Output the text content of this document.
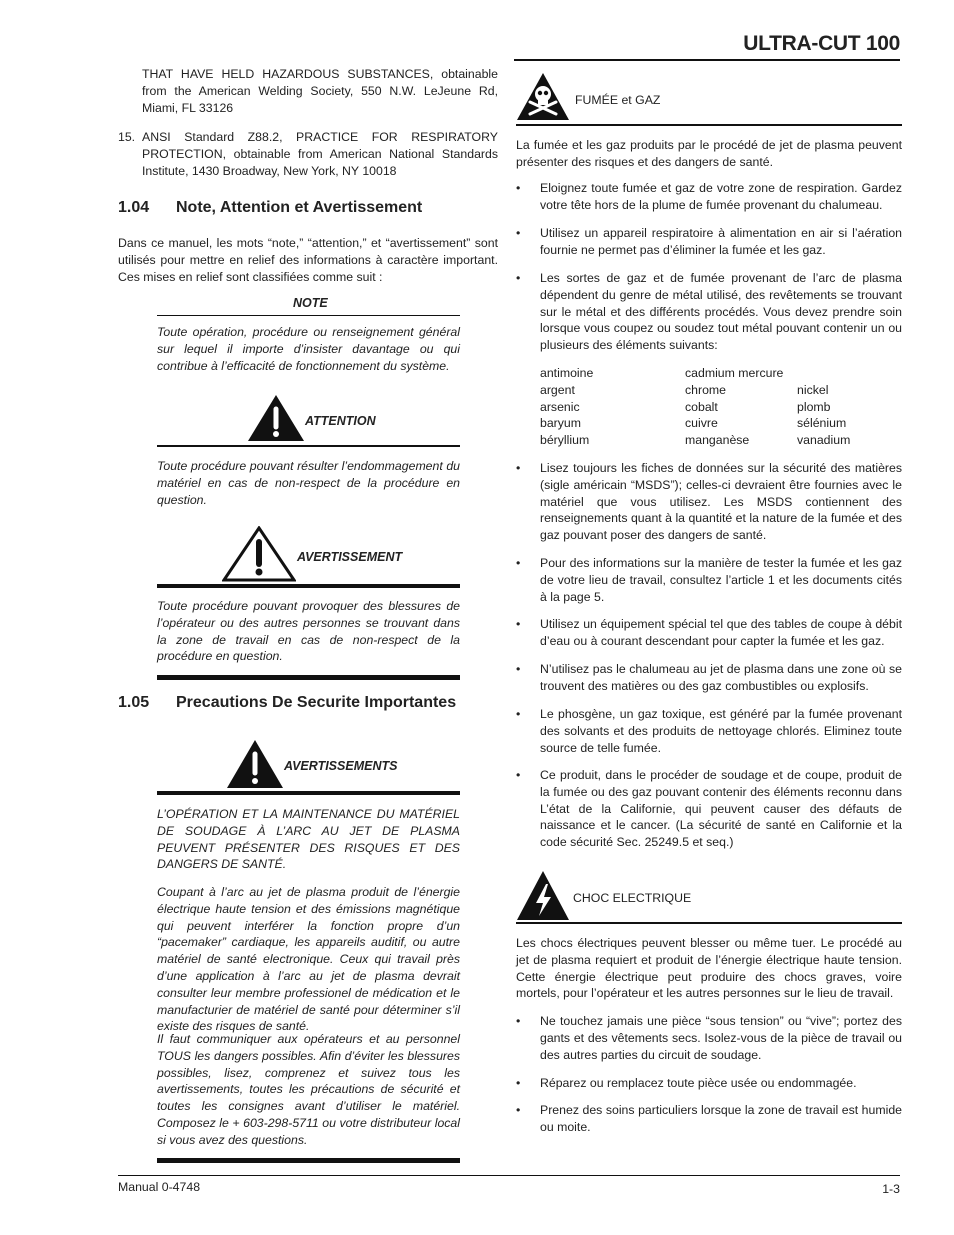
ULTRA-CUT 100
THAT HAVE HELD HAZARDOUS SUBSTANCES, obtainable from the American Welding Society, 550 N.W. LeJeune Rd, Miami, FL 33126
15. ANSI Standard Z88.2, PRACTICE FOR RESPIRATORY PROTECTION, obtainable from American National Standards Institute, 1430 Broadway, New York, NY 10018
1.04 Note, Attention et Avertissement
Dans ce manuel, les mots “note,” “attention,” et “avertissement” sont utilisés pour mettre en relief des informations à caractère important. Ces mises en relief sont classifiées comme suit :
NOTE
Toute opération, procédure ou renseignement général sur lequel il importe d’insister davantage ou qui contribue à l’efficacité de fonctionnement du système.
ATTENTION
Toute procédure pouvant résulter l’endommagement du matériel en cas de non-respect de la procédure en question.
AVERTISSEMENT
Toute procédure pouvant provoquer des blessures de l’opérateur ou des autres personnes se trouvant dans la zone de travail en cas de non-respect de la procédure en question.
1.05 Precautions De Securite Importantes
AVERTISSEMENTS
L’OPÉRATION ET LA MAINTENANCE DU MATÉRIEL DE SOUDAGE À L’ARC AU JET DE PLASMA PEUVENT PRÉSENTER DES RISQUES ET DES DANGERS DE SANTÉ.
Coupant à l’arc au jet de plasma produit de l’énergie électrique haute tension et des émissions magnétique qui peuvent interférer la fonction propre d’un “pacemaker” cardiaque, les appareils auditif, ou autre matériel de santé electronique. Ceux qui travail près d’une application à l’arc au jet de plasma devrait consulter leur membre professionel de médication et le manufacturier de matériel de santé pour déterminer s’il existe des risques de santé.
Il faut communiquer aux opérateurs et au personnel TOUS les dangers possibles. Afin d’éviter les blessures possibles, lisez, comprenez et suivez tous les avertissements, toutes les précautions de sécurité et toutes les consignes avant d’utiliser le matériel. Composez le + 603-298-5711 ou votre distributeur local si vous avez des questions.
FUMÉE et GAZ
La fumée et les gaz produits par le procédé de jet de plasma peuvent présenter des risques et des dangers de santé.
• Eloignez toute fumée et gaz de votre zone de respiration. Gardez votre tête hors de la plume de fumée provenant du chalumeau.
• Utilisez un appareil respiratoire à alimentation en air si l’aération fournie ne permet pas d’éliminer la fumée et les gaz.
• Les sortes de gaz et de fumée provenant de l’arc de plasma dépendent du genre de métal utilisé, des revêtements se trouvant sur le métal et des différents procédés. Vous devez prendre soin lorsque vous coupez ou soudez tout métal pouvant contenir un ou plusieurs des éléments suivants:
antimoine
argent
arsenic
baryum
béryllium
cadmium mercure
chrome
cobalt
cuivre
manganèse
nickel
plomb
sélénium
vanadium
• Lisez toujours les fiches de données sur la sécurité des matières (sigle américain “MSDS”); celles-ci devraient être fournies avec le matériel que vous utilisez. Les MSDS contiennent des renseignements quant à la quantité et la nature de la fumée et des gaz pouvant poser des dangers de santé.
• Pour des informations sur la manière de tester la fumée et les gaz de votre lieu de travail, consultez l’article 1 et les documents cités à la page 5.
• Utilisez un équipement spécial tel que des tables de coupe à débit d’eau ou à courant descendant pour capter la fumée et les gaz.
• N’utilisez pas le chalumeau au jet de plasma dans une zone où se trouvent des matières ou des gaz combustibles ou explosifs.
• Le phosgène, un gaz toxique, est généré par la fumée provenant des solvants et des produits de nettoyage chlorés. Eliminez toute source de telle fumée.
• Ce produit, dans le procéder de soudage et de coupe, produit de la fumée ou des gaz pouvant contenir des éléments reconnu dans L’état de la Californie, qui peuvent causer des défauts de naissance et le cancer. (La sécurité de santé en Californie et la code sécurité Sec. 25249.5 et seq.)
CHOC ELECTRIQUE
Les chocs électriques peuvent blesser ou même tuer. Le procédé au jet de plasma requiert et produit de l’énergie électrique haute tension. Cette énergie électrique peut produire des chocs graves, voire mortels, pour l’opérateur et les autres personnes sur le lieu de travail.
• Ne touchez jamais une pièce “sous tension” ou “vive”; portez des gants et des vêtements secs. Isolez-vous de la pièce de travail ou des autres parties du circuit de soudage.
• Réparez ou remplacez toute pièce usée ou endommagée.
• Prenez des soins particuliers lorsque la zone de travail est humide ou moite.
Manual 0-4748	1-3
